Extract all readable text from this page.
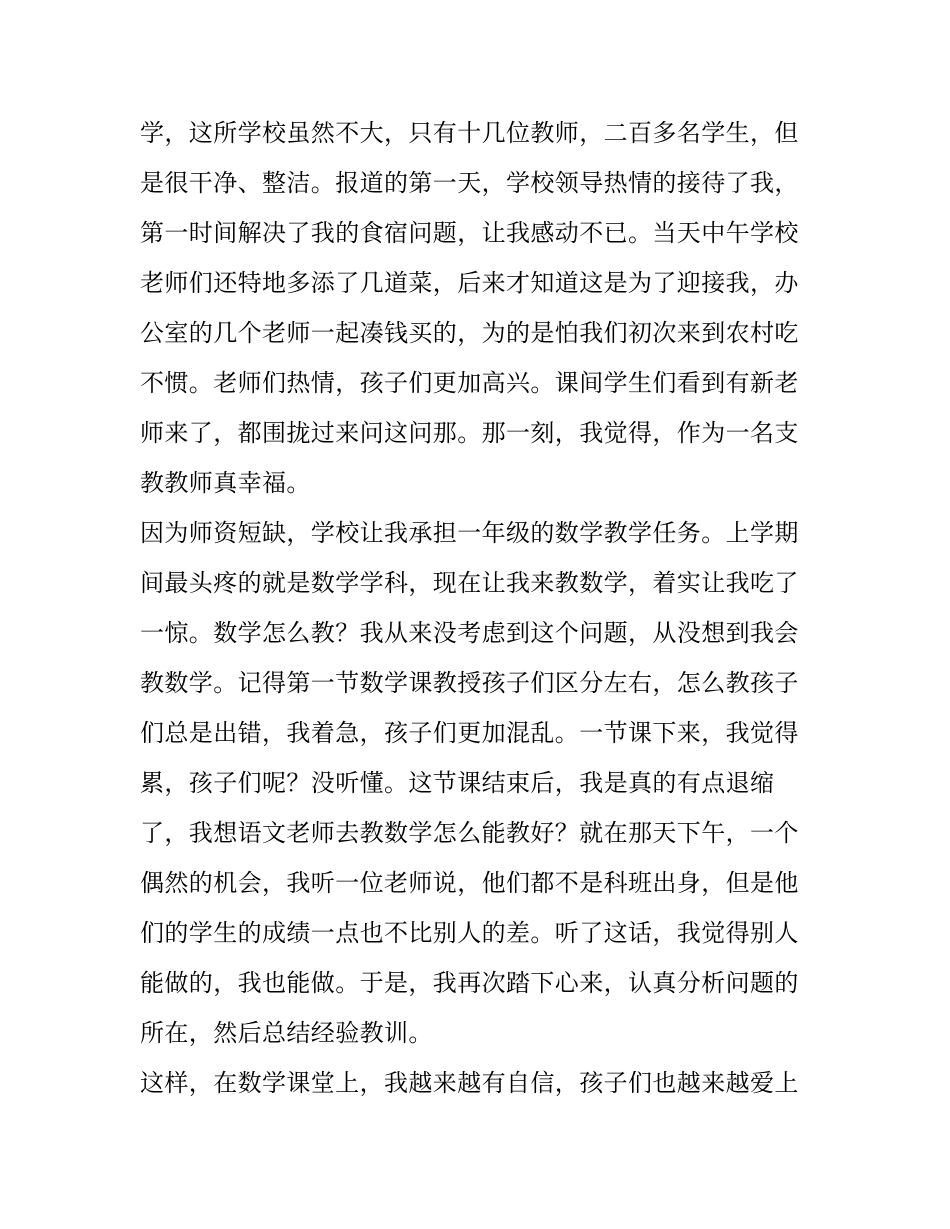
学，这所学校虽然不大，只有十几位教师，二百多名学生，但
是很干净、整洁。报道的第一天，学校领导热情的接待了我，
第一时间解决了我的食宿问题，让我感动不已。当天中午学校
老师们还特地多添了几道菜，后来才知道这是为了迎接我，办
公室的几个老师一起凑钱买的，为的是怕我们初次来到农村吃
不惯。老师们热情，孩子们更加高兴。课间学生们看到有新老
师来了，都围拢过来问这问那。那一刻，我觉得，作为一名支
教教师真幸福。
因为师资短缺，学校让我承担一年级的数学教学任务。上学期
间最头疼的就是数学学科，现在让我来教数学，着实让我吃了
一惊。数学怎么教？我从来没考虑到这个问题，从没想到我会
教数学。记得第一节数学课教授孩子们区分左右，怎么教孩子
们总是出错，我着急，孩子们更加混乱。一节课下来，我觉得
累，孩子们呢？没听懂。这节课结束后，我是真的有点退缩
了，我想语文老师去教数学怎么能教好？就在那天下午，一个
偶然的机会，我听一位老师说，他们都不是科班出身，但是他
们的学生的成绩一点也不比别人的差。听了这话，我觉得别人
能做的，我也能做。于是，我再次踏下心来，认真分析问题的
所在，然后总结经验教训。
这样，在数学课堂上，我越来越有自信，孩子们也越来越爱上
